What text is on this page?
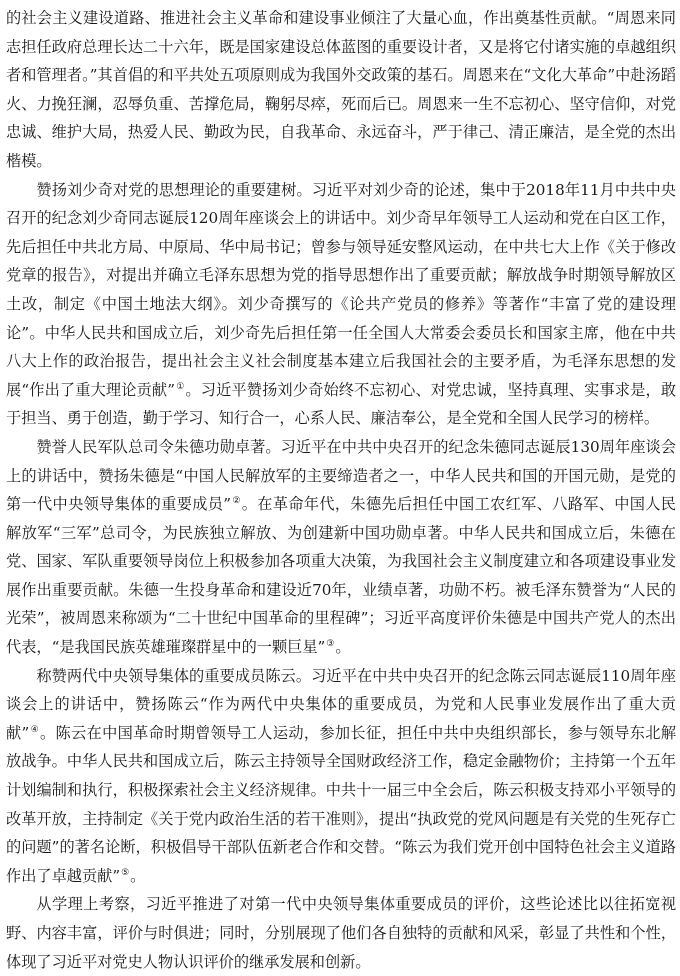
的社会主义建设道路、推进社会主义革命和建设事业倾注了大量心血，作出奠基性贡献。“周恩来同志担任政府总理长达二十六年，既是国家建设总体蓝图的重要设计者，又是将它付诸实施的卓越组织者和管理者。”其首倡的和平共处五项原则成为我国外交政策的基石。周恩来在“文化大革命”中赴汤蹈火、力挽狂澜，忍辱负重、苦撑危局，鞠躬尽瘁，死而后已。周恩来一生不忘初心、坚守信仰，对党忠诚、维护大局，热爱人民、勤政为民，自我革命、永远奋斗，严于律己、清正廉洁，是全党的杰出楷模。

赞扬刘少奇对党的思想理论的重要建树。习近平对刘少奇的论述，集中于2018年11月中共中央召开的纪念刘少奇同志诞辰120周年座谈会上的讲话中。刘少奇早年领导工人运动和党在白区工作，先后担任中共北方局、中原局、华中局书记；曾参与领导延安整风运动，在中共七大上作《关于修改党章的报告》，对提出并确立毛泽东思想为党的指导思想作出了重要贡献；解放战争时期领导解放区土改，制定《中国土地法大纲》。刘少奇撰写的《论共产党员的修养》等著作“丰富了党的建设理论”。中华人民共和国成立后，刘少奇先后担任第一任全国人大常委会委员长和国家主席，他在中共八大上作的政治报告，提出社会主义社会制度基本建立后我国社会的主要矛盾，为毛泽东思想的发展“作出了重大理论贡献”①。习近平赞扬刘少奇始终不忘初心、对党忠诚，坚持真理、实事求是，敢于担当、勇于创造，勤于学习、知行合一，心系人民、廉洁奉公，是全党和全国人民学习的榜样。

赞誉人民军队总司令朱德功勋卓著。习近平在中共中央召开的纪念朱德同志诞辰130周年座谈会上的讲话中，赞扬朱德是“中国人民解放军的主要缔造者之一，中华人民共和国的开国元勋，是党的第一代中央领导集体的重要成员”②。在革命年代，朱德先后担任中国工农红军、八路军、中国人民解放军“三军”总司令，为民族独立解放、为创建新中国功勋卓著。中华人民共和国成立后，朱德在党、国家、军队重要领导岗位上积极参加各项重大决策，为我国社会主义制度建立和各项建设事业发展作出重要贡献。朱德一生投身革命和建设近70年，业绩卓著，功勋不朽。被毛泽东赞誉为“人民的光荣”，被周恩来称颂为“二十世纪中国革命的里程碑”；习近平高度评价朱德是中国共产党人的杰出代表，“是我国民族英雄璀璨群星中的一颗巨星”③。

称赞两代中央领导集体的重要成员陈云。习近平在中共中央召开的纪念陈云同志诞辰110周年座谈会上的讲话中，赞扬陈云“作为两代中央集体的重要成员，为党和人民事业发展作出了重大贡献”④。陈云在中国革命时期曾领导工人运动，参加长征，担任中共中央组织部长，参与领导东北解放战争。中华人民共和国成立后，陈云主持领导全国财政经济工作，稳定金融物价；主持第一个五年计划编制和执行，积极探索社会主义经济规律。中共十一届三中全会后，陈云积极支持邓小平领导的改革开放，主持制定《关于党内政治生活的若干准则》，提出“执政党的党风问题是有关党的生死存亡的问题”的著名论断，积极倡导干部队伍新老合作和交替。“陈云为我们党开创中国特色社会主义道路作出了卓越贡献”⑤。

从学理上考察，习近平推进了对第一代中央领导集体重要成员的评价，这些论述比以往拓宽视野、内容丰富，评价与时俱进；同时，分别展现了他们各自独特的贡献和风采，彰显了共性和个性，体现了习近平对党史人物认识评价的继承发展和创新。
